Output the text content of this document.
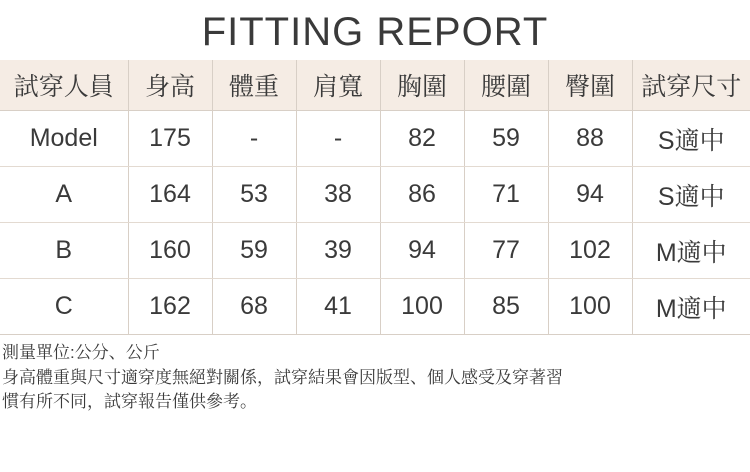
FITTING REPORT
試穿人員	身高	體重	肩寬	胸圍	腰圍	臀圍	試穿尺寸
Model	175	-	-	82	59	88	S適中
A	164	53	38	86	71	94	S適中
B	160	59	39	94	77	102	M適中
C	162	68	41	100	85	100	M適中
測量單位:公分、公斤
身高體重與尺寸適穿度無絕對關係，試穿結果會因版型、個人感受及穿著習
慣有所不同，試穿報告僅供參考。
